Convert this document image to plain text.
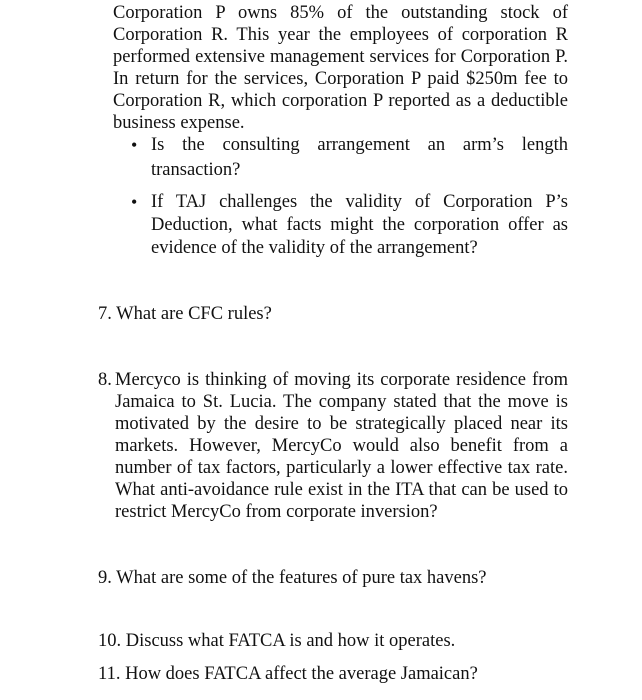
Corporation P owns 85% of the outstanding stock of Corporation R. This year the employees of corporation R performed extensive management services for Corporation P. In return for the services, Corporation P paid $250m fee to Corporation R, which corporation P reported as a deductible business expense.
• Is the consulting arrangement an arm’s length transaction?
• If TAJ challenges the validity of Corporation P’s Deduction, what facts might the corporation offer as evidence of the validity of the arrangement?
7. What are CFC rules?
8. Mercyco is thinking of moving its corporate residence from Jamaica to St. Lucia. The company stated that the move is motivated by the desire to be strategically placed near its markets. However, MercyCo would also benefit from a number of tax factors, particularly a lower effective tax rate. What anti-avoidance rule exist in the ITA that can be used to restrict MercyCo from corporate inversion?
9. What are some of the features of pure tax havens?
10. Discuss what FATCA is and how it operates.
11. How does FATCA affect the average Jamaican?
